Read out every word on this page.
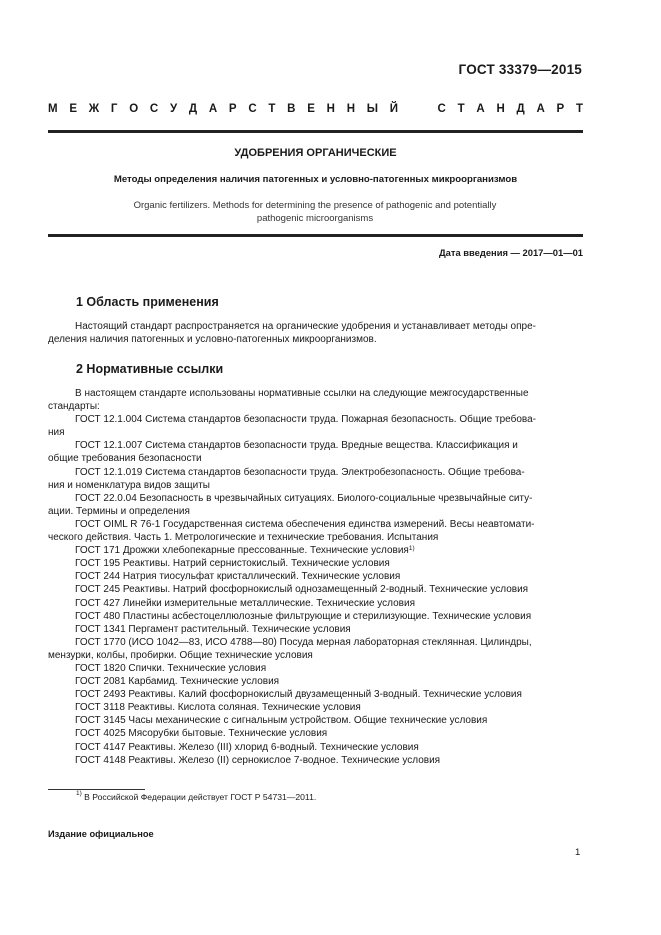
ГОСТ 33379—2015
М Е Ж Г О С У Д А Р С Т В Е Н Н Ы Й	С Т А Н Д А Р Т
УДОБРЕНИЯ ОРГАНИЧЕСКИЕ
Методы определения наличия патогенных и условно-патогенных микроорганизмов
Organic fertilizers. Methods for determining the presence of pathogenic and potentially
pathogenic microorganisms
Дата введения — 2017—01—01
1 Область применения

Настоящий стандарт распространяется на органические удобрения и устанавливает методы опре-

деления наличия патогенных и условно-патогенных микроорганизмов.

2 Нормативные ссылки

В настоящем стандарте использованы нормативные ссылки на следующие межгосударственные

стандарты:

ГОСТ 12.1.004 Система стандартов безопасности труда. Пожарная безопасность. Общие требова-

ния

ГОСТ 12.1.007 Система стандартов безопасности труда. Вредные вещества. Классификация и

общие требования безопасности

ГОСТ 12.1.019 Система стандартов безопасности труда. Электробезопасность. Общие требова-

ния и номенклатура видов защиты

ГОСТ 22.0.04 Безопасность в чрезвычайных ситуациях. Биолого-социальные чрезвычайные ситу-

ации. Термины и определения

ГОСТ OIML R 76-1 Государственная система обеспечения единства измерений. Весы неавтомати-

ческого действия. Часть 1. Метрологические и технические требования. Испытания

ГОСТ 171 Дрожжи хлебопекарные прессованные. Технические условия$^{1)}$

ГОСТ 195 Реактивы. Натрий сернистокислый. Технические условия

ГОСТ 244 Натрия тиосульфат кристаллический. Технические условия

ГОСТ 245 Реактивы. Натрий фосфорнокислый однозамещенный 2-водный. Технические условия

ГОСТ 427 Линейки измерительные металлические. Технические условия

ГОСТ 480 Пластины асбестоцеллюлозные фильтрующие и стерилизующие. Технические условия

ГОСТ 1341 Пергамент растительный. Технические условия

ГОСТ 1770 (ИСО 1042—83, ИСО 4788—80) Посуда мерная лабораторная стеклянная. Цилиндры,

мензурки, колбы, пробирки. Общие технические условия

ГОСТ 1820 Спички. Технические условия

ГОСТ 2081 Карбамид. Технические условия

ГОСТ 2493 Реактивы. Калий фосфорнокислый двузамещенный 3-водный. Технические условия

ГОСТ 3118 Реактивы. Кислота соляная. Технические условия

ГОСТ 3145 Часы механические с сигнальным устройством. Общие технические условия

ГОСТ 4025 Мясорубки бытовые. Технические условия

ГОСТ 4147 Реактивы. Железо (III) хлорид 6-водный. Технические условия

ГОСТ 4148 Реактивы. Железо (II) сернокислое 7-водное. Технические условия

$^{1)}$ В Российской Федерации действует ГОСТ Р 54731—2011.
Издание официальное
1
